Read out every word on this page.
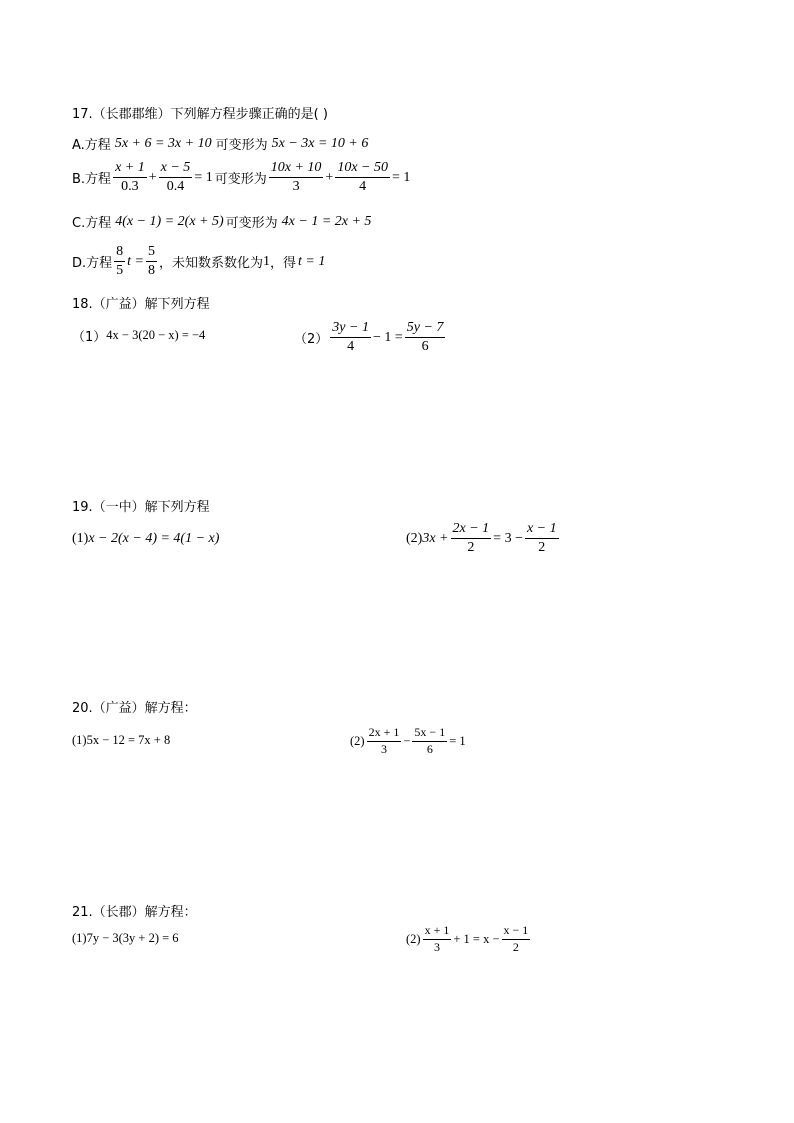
17.（长郡郡维）下列解方程步骤正确的是( )
A.方程 5x + 6 = 3x + 10 可变形为 5x − 3x = 10 + 6
B.方程 $\frac{x + 1}{0.3} + \frac{x - 5}{0.4} = 1$ 可变形为 $\frac{10x + 10}{3} + \frac{10x - 50}{4} = 1$
C.方程 4(x − 1) = 2(x + 5) 可变形为 4x − 1 = 2x + 5
D.方程 $\frac{8}{5}$ $t = \frac{5}{8}$ ，未知数系数化为 1 ，得 t = 1
18.（广益）解下列方程
（1） 4x − 3(20 − x) = −4	$(2) \frac{3y - 1}{4} - 1 = \frac{5y - 7}{6}$
19.（一中）解下列方程
(1) x − 2(x − 4) = 4(1 − x)	(2) $3x + \frac{2x - 1}{2} = 3 - \frac{x - 1}{2}$
20.（广益）解方程：
(1) 5x − 12 = 7x + 8	$(2) \frac{2x + 1}{3} - \frac{5x - 1}{6} = 1$
21.（长郡）解方程：
(1) 7y − 3(3y + 2) = 6	$(2) \frac{x + 1}{3} + 1 = x - \frac{x - 1}{2}$
